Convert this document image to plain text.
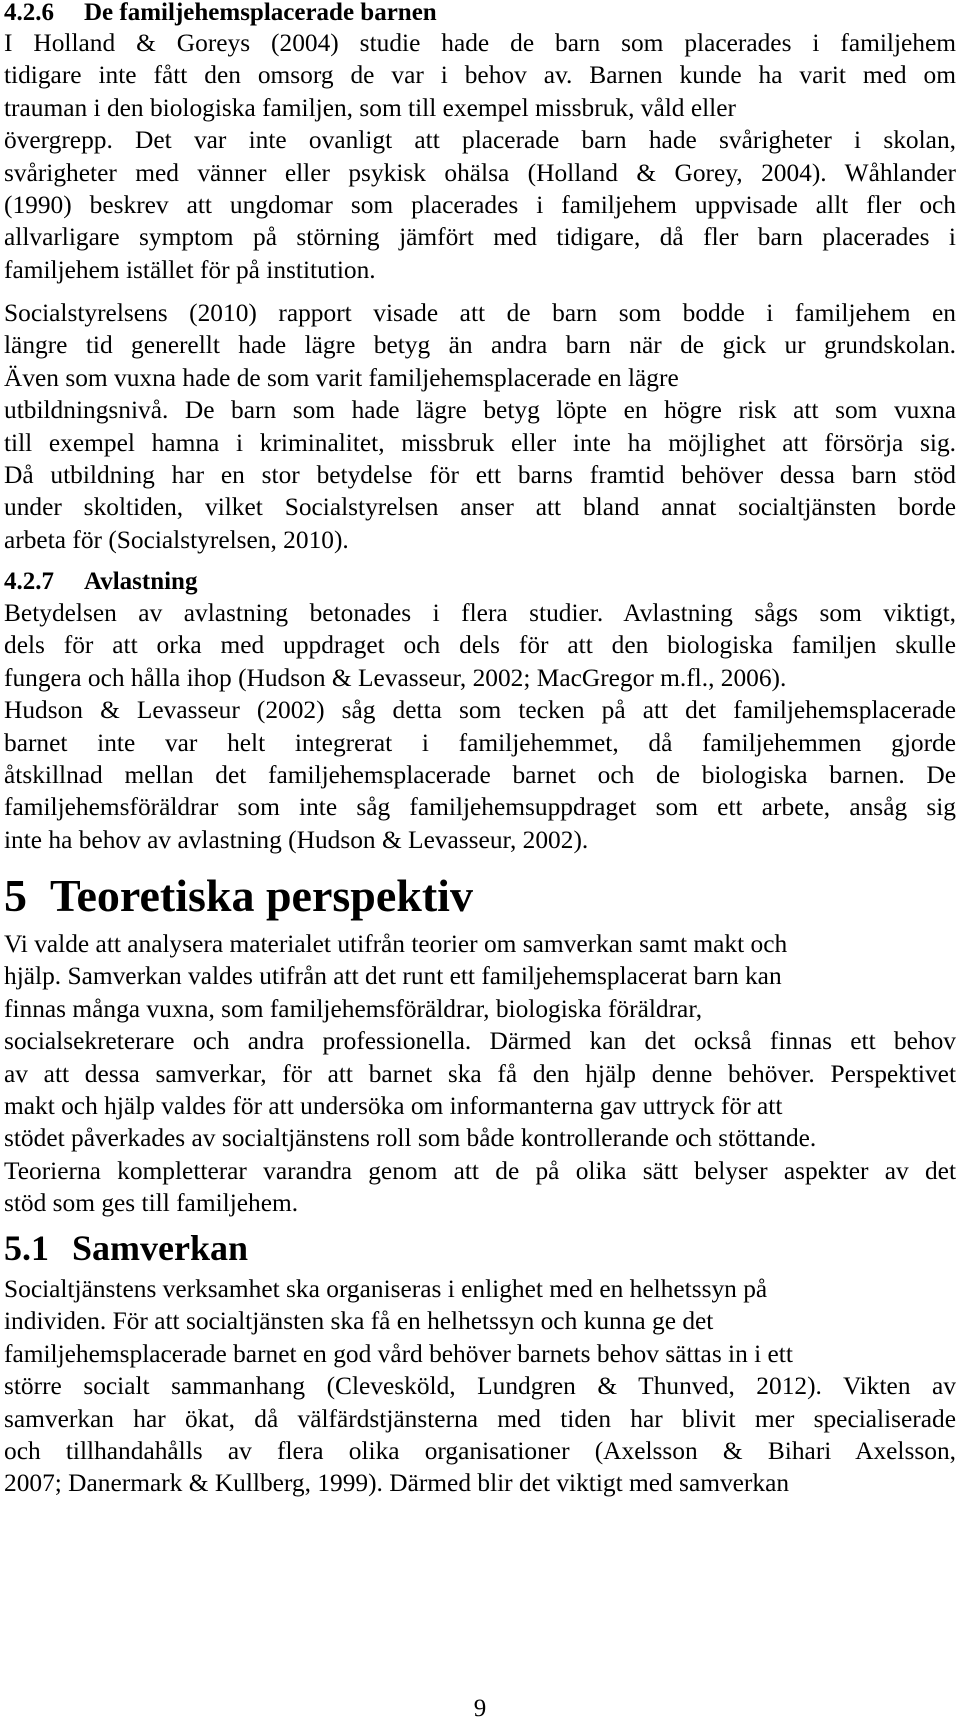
4.2.6 De familjehemsplacerade barnen
I Holland & Goreys (2004) studie hade de barn som placerades i familjehem
tidigare inte fått den omsorg de var i behov av. Barnen kunde ha varit med om
trauman i den biologiska familjen, som till exempel missbruk, våld eller
övergrepp. Det var inte ovanligt att placerade barn hade svårigheter i skolan,
svårigheter med vänner eller psykisk ohälsa (Holland & Gorey, 2004). Wåhlander
(1990) beskrev att ungdomar som placerades i familjehem uppvisade allt fler och
allvarligare symptom på störning jämfört med tidigare, då fler barn placerades i
familjehem istället för på institution.
Socialstyrelsens (2010) rapport visade att de barn som bodde i familjehem en
längre tid generellt hade lägre betyg än andra barn när de gick ur grundskolan.
Även som vuxna hade de som varit familjehemsplacerade en lägre
utbildningsnivå. De barn som hade lägre betyg löpte en högre risk att som vuxna
till exempel hamna i kriminalitet, missbruk eller inte ha möjlighet att försörja sig.
Då utbildning har en stor betydelse för ett barns framtid behöver dessa barn stöd
under skoltiden, vilket Socialstyrelsen anser att bland annat socialtjänsten borde
arbeta för (Socialstyrelsen, 2010).
4.2.7 Avlastning
Betydelsen av avlastning betonades i flera studier. Avlastning sågs som viktigt,
dels för att orka med uppdraget och dels för att den biologiska familjen skulle
fungera och hålla ihop (Hudson & Levasseur, 2002; MacGregor m.fl., 2006).
Hudson & Levasseur (2002) såg detta som tecken på att det familjehemsplacerade
barnet inte var helt integrerat i familjehemmet, då familjehemmen gjorde
åtskillnad mellan det familjehemsplacerade barnet och de biologiska barnen. De
familjehemsföräldrar som inte såg familjehemsuppdraget som ett arbete, ansåg sig
inte ha behov av avlastning (Hudson & Levasseur, 2002).
5 Teoretiska perspektiv
Vi valde att analysera materialet utifrån teorier om samverkan samt makt och
hjälp. Samverkan valdes utifrån att det runt ett familjehemsplacerat barn kan
finnas många vuxna, som familjehemsföräldrar, biologiska föräldrar,
socialsekreterare och andra professionella. Därmed kan det också finnas ett behov
av att dessa samverkar, för att barnet ska få den hjälp denne behöver. Perspektivet
makt och hjälp valdes för att undersöka om informanterna gav uttryck för att
stödet påverkades av socialtjänstens roll som både kontrollerande och stöttande.
Teorierna kompletterar varandra genom att de på olika sätt belyser aspekter av det
stöd som ges till familjehem.
5.1 Samverkan
Socialtjänstens verksamhet ska organiseras i enlighet med en helhetssyn på
individen. För att socialtjänsten ska få en helhetssyn och kunna ge det
familjehemsplacerade barnet en god vård behöver barnets behov sättas in i ett
större socialt sammanhang (Clevesköld, Lundgren & Thunved, 2012). Vikten av
samverkan har ökat, då välfärdstjänsterna med tiden har blivit mer specialiserade
och tillhandahålls av flera olika organisationer (Axelsson & Bihari Axelsson,
2007; Danermark & Kullberg, 1999). Därmed blir det viktigt med samverkan
9
